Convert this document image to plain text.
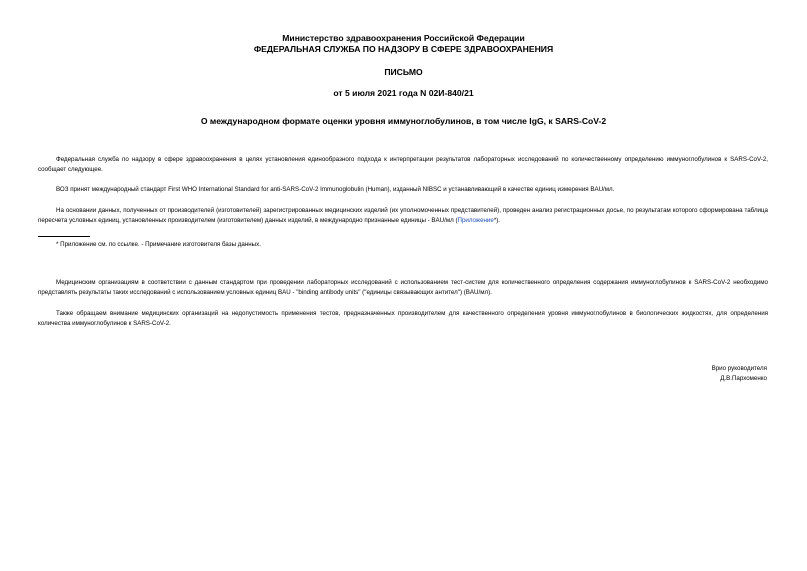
Министерство здравоохранения Российской Федерации
ФЕДЕРАЛЬНАЯ СЛУЖБА ПО НАДЗОРУ В СФЕРЕ ЗДРАВООХРАНЕНИЯ
ПИСЬМО
от 5 июля 2021 года N 02И-840/21
О международном формате оценки уровня иммуноглобулинов, в том числе IgG, к SARS-CoV-2

Федеральная служба по надзору в сфере здравоохранения в целях установления единообразного подхода к интерпретации результатов лабораторных исследований по количественному определению иммуноглобулинов к SARS-CoV-2, сообщает следующее.

ВОЗ принят международный стандарт First WHO International Standard for anti-SARS-CoV-2 Immunoglobulin (Human), изданный NIBSC и устанавливающий в качестве единиц измерения BAU/мл.

На основании данных, полученных от производителей (изготовителей) зарегистрированных медицинских изделий (их уполномоченных представителей), проведен анализ регистрационных досье, по результатам которого сформирована таблица пересчета условных единиц, установленных производителем (изготовителем) данных изделий, в международно признанные единицы - BAU/мл (Приложение*).

* Приложение см. по ссылке. - Примечание изготовителя базы данных.

Медицинским организациям в соответствии с данным стандартом при проведении лабораторных исследований с использованием тест-систем для количественного определения содержания иммуноглобулинов к SARS-CoV-2 необходимо представлять результаты таких исследований с использованием условных единиц BAU - "binding antibody units" ("единицы связывающих антител") (BAU/мл).

Также обращаем внимание медицинских организаций на недопустимость применения тестов, предназначенных производителем для качественного определения уровня иммуноглобулинов в биологических жидкостях, для определения количества иммуноглобулинов к SARS-CoV-2.

Врио руководителя
Д.В.Пархоменко
